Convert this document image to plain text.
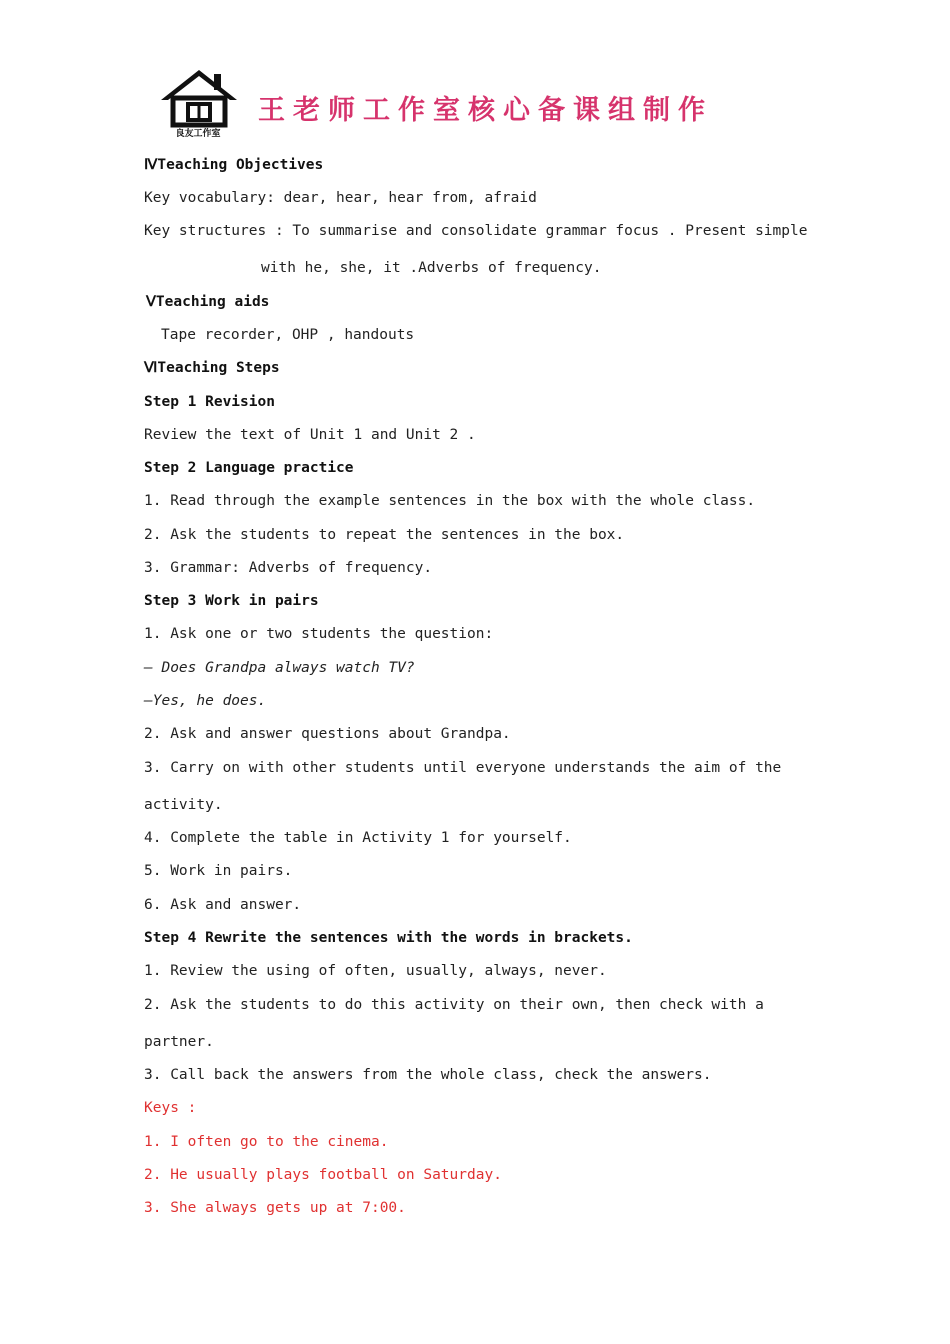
良友工作室
王老师工作室核心备课组制作
ⅣTeaching Objectives
Key vocabulary: dear, hear, hear from, afraid
Key structures : To summarise and consolidate grammar focus . Present simple
with he, she, it .Adverbs of frequency.
ⅤTeaching aids
Tape recorder, OHP , handouts
ⅥTeaching Steps
Step 1 Revision
Review the text of Unit 1 and Unit 2 .
Step 2 Language practice
1. Read through the example sentences in the box with the whole class.
2. Ask the students to repeat the sentences in the box.
3. Grammar: Adverbs of frequency.
Step 3 Work in pairs
1. Ask one or two students the question:
— Does Grandpa always watch TV?
—Yes, he does.
2. Ask and answer questions about Grandpa.
3. Carry on with other students until everyone understands the aim of the
activity.
4. Complete the table in Activity 1 for yourself.
5. Work in pairs.
6. Ask and answer.
Step 4 Rewrite the sentences with the words in brackets.
1. Review the using of often, usually, always, never.
2. Ask the students to do this activity on their own, then check with a
partner.
3. Call back the answers from the whole class, check the answers.
Keys :
1. I often go to the cinema.
2. He usually plays football on Saturday.
3. She always gets up at 7:00.
